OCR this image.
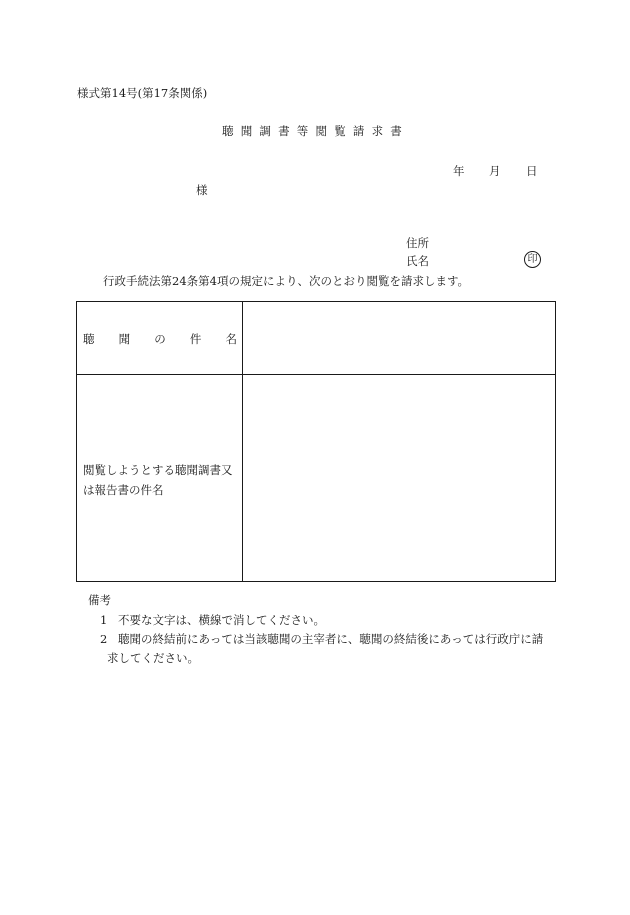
様式第14号(第17条関係)
聴聞調書等閲覧請求書
年 月 日
様
住所
氏名	印
行政手続法第24条第4項の規定により、次のとおり閲覧を請求します。
聴 聞 の 件 名
閲覧しようとする聴聞調書又は報告書の件名
備考
1 不要な文字は、横線で消してください。
2 聴聞の終結前にあっては当該聴聞の主宰者に、聴聞の終結後にあっては行政庁に請
求してください。
